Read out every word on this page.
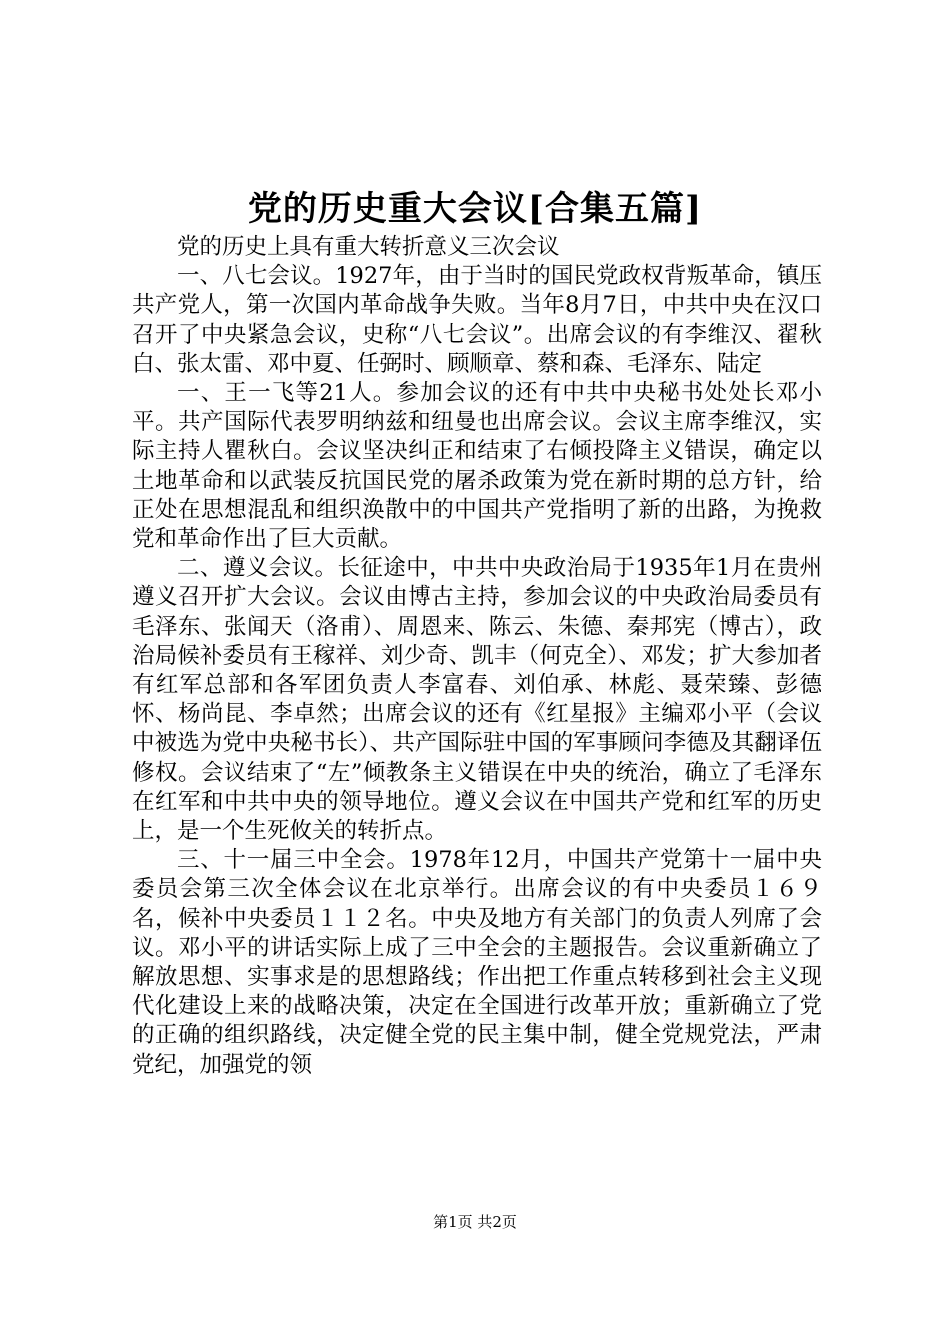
党的历史重大会议[合集五篇]

党的历史上具有重大转折意义三次会议

一、八七会议。1927年，由于当时的国民党政权背叛革命，镇压共产党人，第一次国内革命战争失败。当年8月7日，中共中央在汉口召开了中央紧急会议，史称“八七会议”。出席会议的有李维汉、翟秋白、张太雷、邓中夏、任弼时、顾顺章、蔡和森、毛泽东、陆定

一、王一飞等21人。参加会议的还有中共中央秘书处处长邓小平。共产国际代表罗明纳兹和纽曼也出席会议。会议主席李维汉，实际主持人瞿秋白。会议坚决纠正和结束了右倾投降主义错误，确定以土地革命和以武装反抗国民党的屠杀政策为党在新时期的总方针，给正处在思想混乱和组织涣散中的中国共产党指明了新的出路，为挽救党和革命作出了巨大贡献。

二、遵义会议。长征途中，中共中央政治局于1935年1月在贵州遵义召开扩大会议。会议由博古主持，参加会议的中央政治局委员有毛泽东、张闻天（洛甫）、周恩来、陈云、朱德、秦邦宪（博古），政治局候补委员有王稼祥、刘少奇、凯丰（何克全）、邓发；扩大参加者有红军总部和各军团负责人李富春、刘伯承、林彪、聂荣臻、彭德怀、杨尚昆、李卓然；出席会议的还有《红星报》主编邓小平（会议中被选为党中央秘书长）、共产国际驻中国的军事顾问李德及其翻译伍修权。会议结束了“左”倾教条主义错误在中央的统治，确立了毛泽东在红军和中共中央的领导地位。遵义会议在中国共产党和红军的历史上，是一个生死攸关的转折点。

三、十一届三中全会。1978年12月，中国共产党第十一届中央委员会第三次全体会议在北京举行。出席会议的有中央委员１６９名，候补中央委员１１２名。中央及地方有关部门的负责人列席了会议。邓小平的讲话实际上成了三中全会的主题报告。会议重新确立了解放思想、实事求是的思想路线；作出把工作重点转移到社会主义现代化建设上来的战略决策，决定在全国进行改革开放；重新确立了党的正确的组织路线，决定健全党的民主集中制，健全党规党法，严肃党纪，加强党的领

第1页 共2页
